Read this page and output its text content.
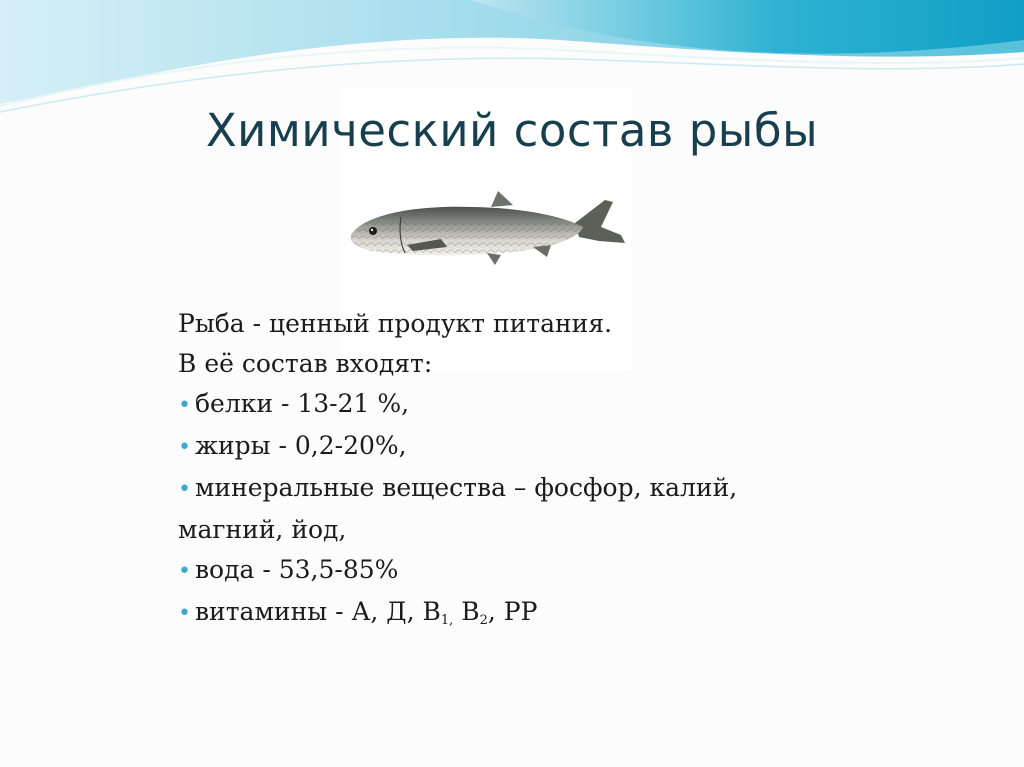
Химический состав рыбы
Рыба - ценный продукт питания.
В её состав входят:
• белки - 13-21 %,
• жиры - 0,2-20%,
• минеральные вещества – фосфор, калий,
магний, йод,
• вода - 53,5-85%
• витамины - А, Д, $В_{1,}$ $В_2$, РР
